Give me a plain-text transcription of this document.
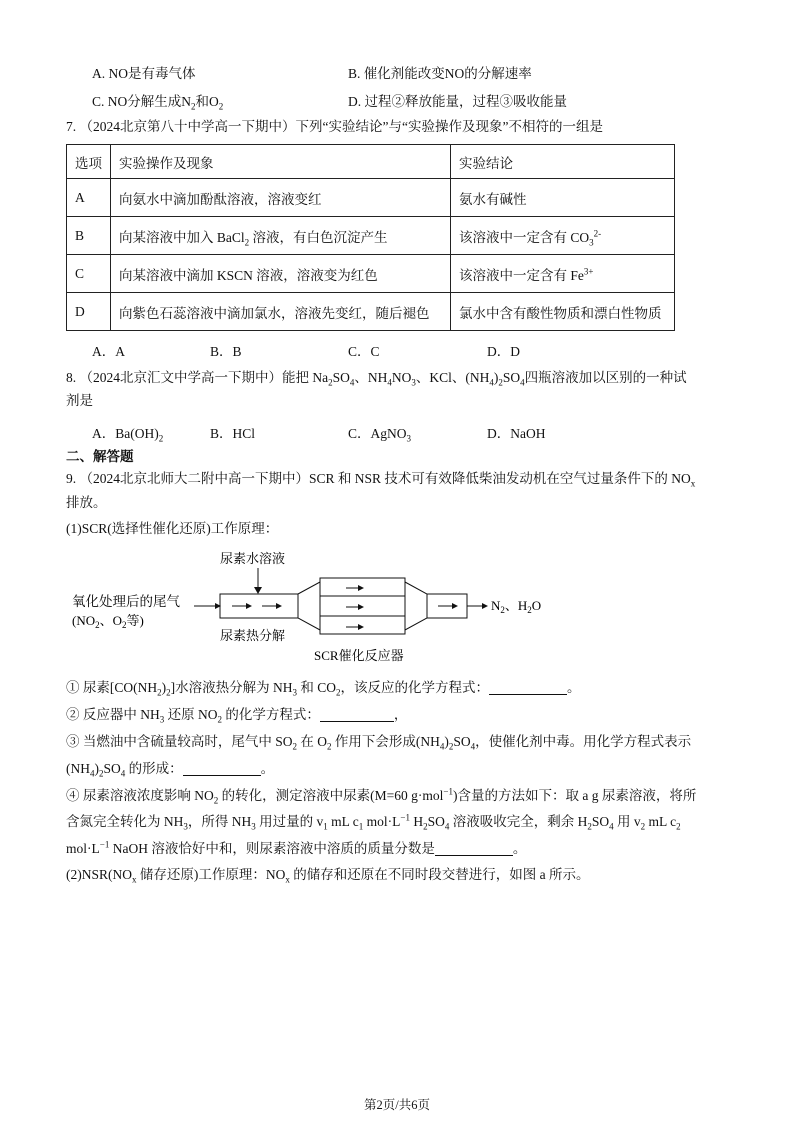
A. NO是有毒气体	B. 催化剂能改变NO的分解速率
C. NO分解生成$N_2$和$O_2$	D. 过程②释放能量，过程③吸收能量
7. （2024北京第八十中学高一下期中）下列“实验结论”与“实验操作及现象”不相符的一组是
选项	实验操作及现象	实验结论
A	向氨水中滴加酚酞溶液，溶液变红	氨水有碱性
B	向某溶液中加入 BaCl$_2$ 溶液，有白色沉淀产生	该溶液中一定含有 $CO_3^{2-}$
C	向某溶液中滴加 KSCN 溶液，溶液变为红色	该溶液中一定含有 $Fe^{3+}$
D	向紫色石蕊溶液中滴加氯水，溶液先变红，随后褪色	氯水中含有酸性物质和漂白性物质
A．A	B．B	C．C	D．D
8. （2024北京汇文中学高一下期中）能把 $Na_2SO_4$、$NH_4NO_3$、KCl、$(NH_4)_2SO_4$四瓶溶液加以区别的一种试
剂是
A．$Ba(OH)_2$	B．HCl	C．AgNO$_3$	D．NaOH
二、解答题
9. （2024北京北师大二附中高一下期中）SCR 和 NSR 技术可有效降低柴油发动机在空气过量条件下的 $NO_x$
排放。
(1)SCR(选择性催化还原)工作原理：
尿素水溶液
氧化处理后的尾气
($NO_2$、$O_2$等)
$N_2$、$H_2O$
尿素热分解
SCR催化反应器
① 尿素$[CO(NH_2)_2]$水溶液热分解为 $NH_3$ 和 $CO_2$，该反应的化学方程式：	。
② 反应器中 $NH_3$ 还原 $NO_2$ 的化学方程式：	，
③ 当燃油中含硫量较高时，尾气中 $SO_2$ 在 $O_2$ 作用下会形成$(NH_4)_2SO_4$，使催化剂中毒。用化学方程式表示
$(NH_4)_2SO_4$ 的形成：	。
④ 尿素溶液浓度影响 $NO_2$ 的转化，测定溶液中尿素(M=60 g·mol$^{-1}$)含量的方法如下：取 a g 尿素溶液，将所
含氮完全转化为 $NH_3$，所得 $NH_3$ 用过量的 $v_1$ mL $c_1$ $mol\cdot L^{-1}$ $H_2SO_4$ 溶液吸收完全，剩余 $H_2SO_4$ 用 $v_2$ mL $c_2$
$mol\cdot L^{-1}$ NaOH 溶液恰好中和，则尿素溶液中溶质的质量分数是	。
$(2)NSR(NO_x$ 储存还原)工作原理：$NO_x$ 的储存和还原在不同时段交替进行，如图 a 所示。
第2页/共6页
